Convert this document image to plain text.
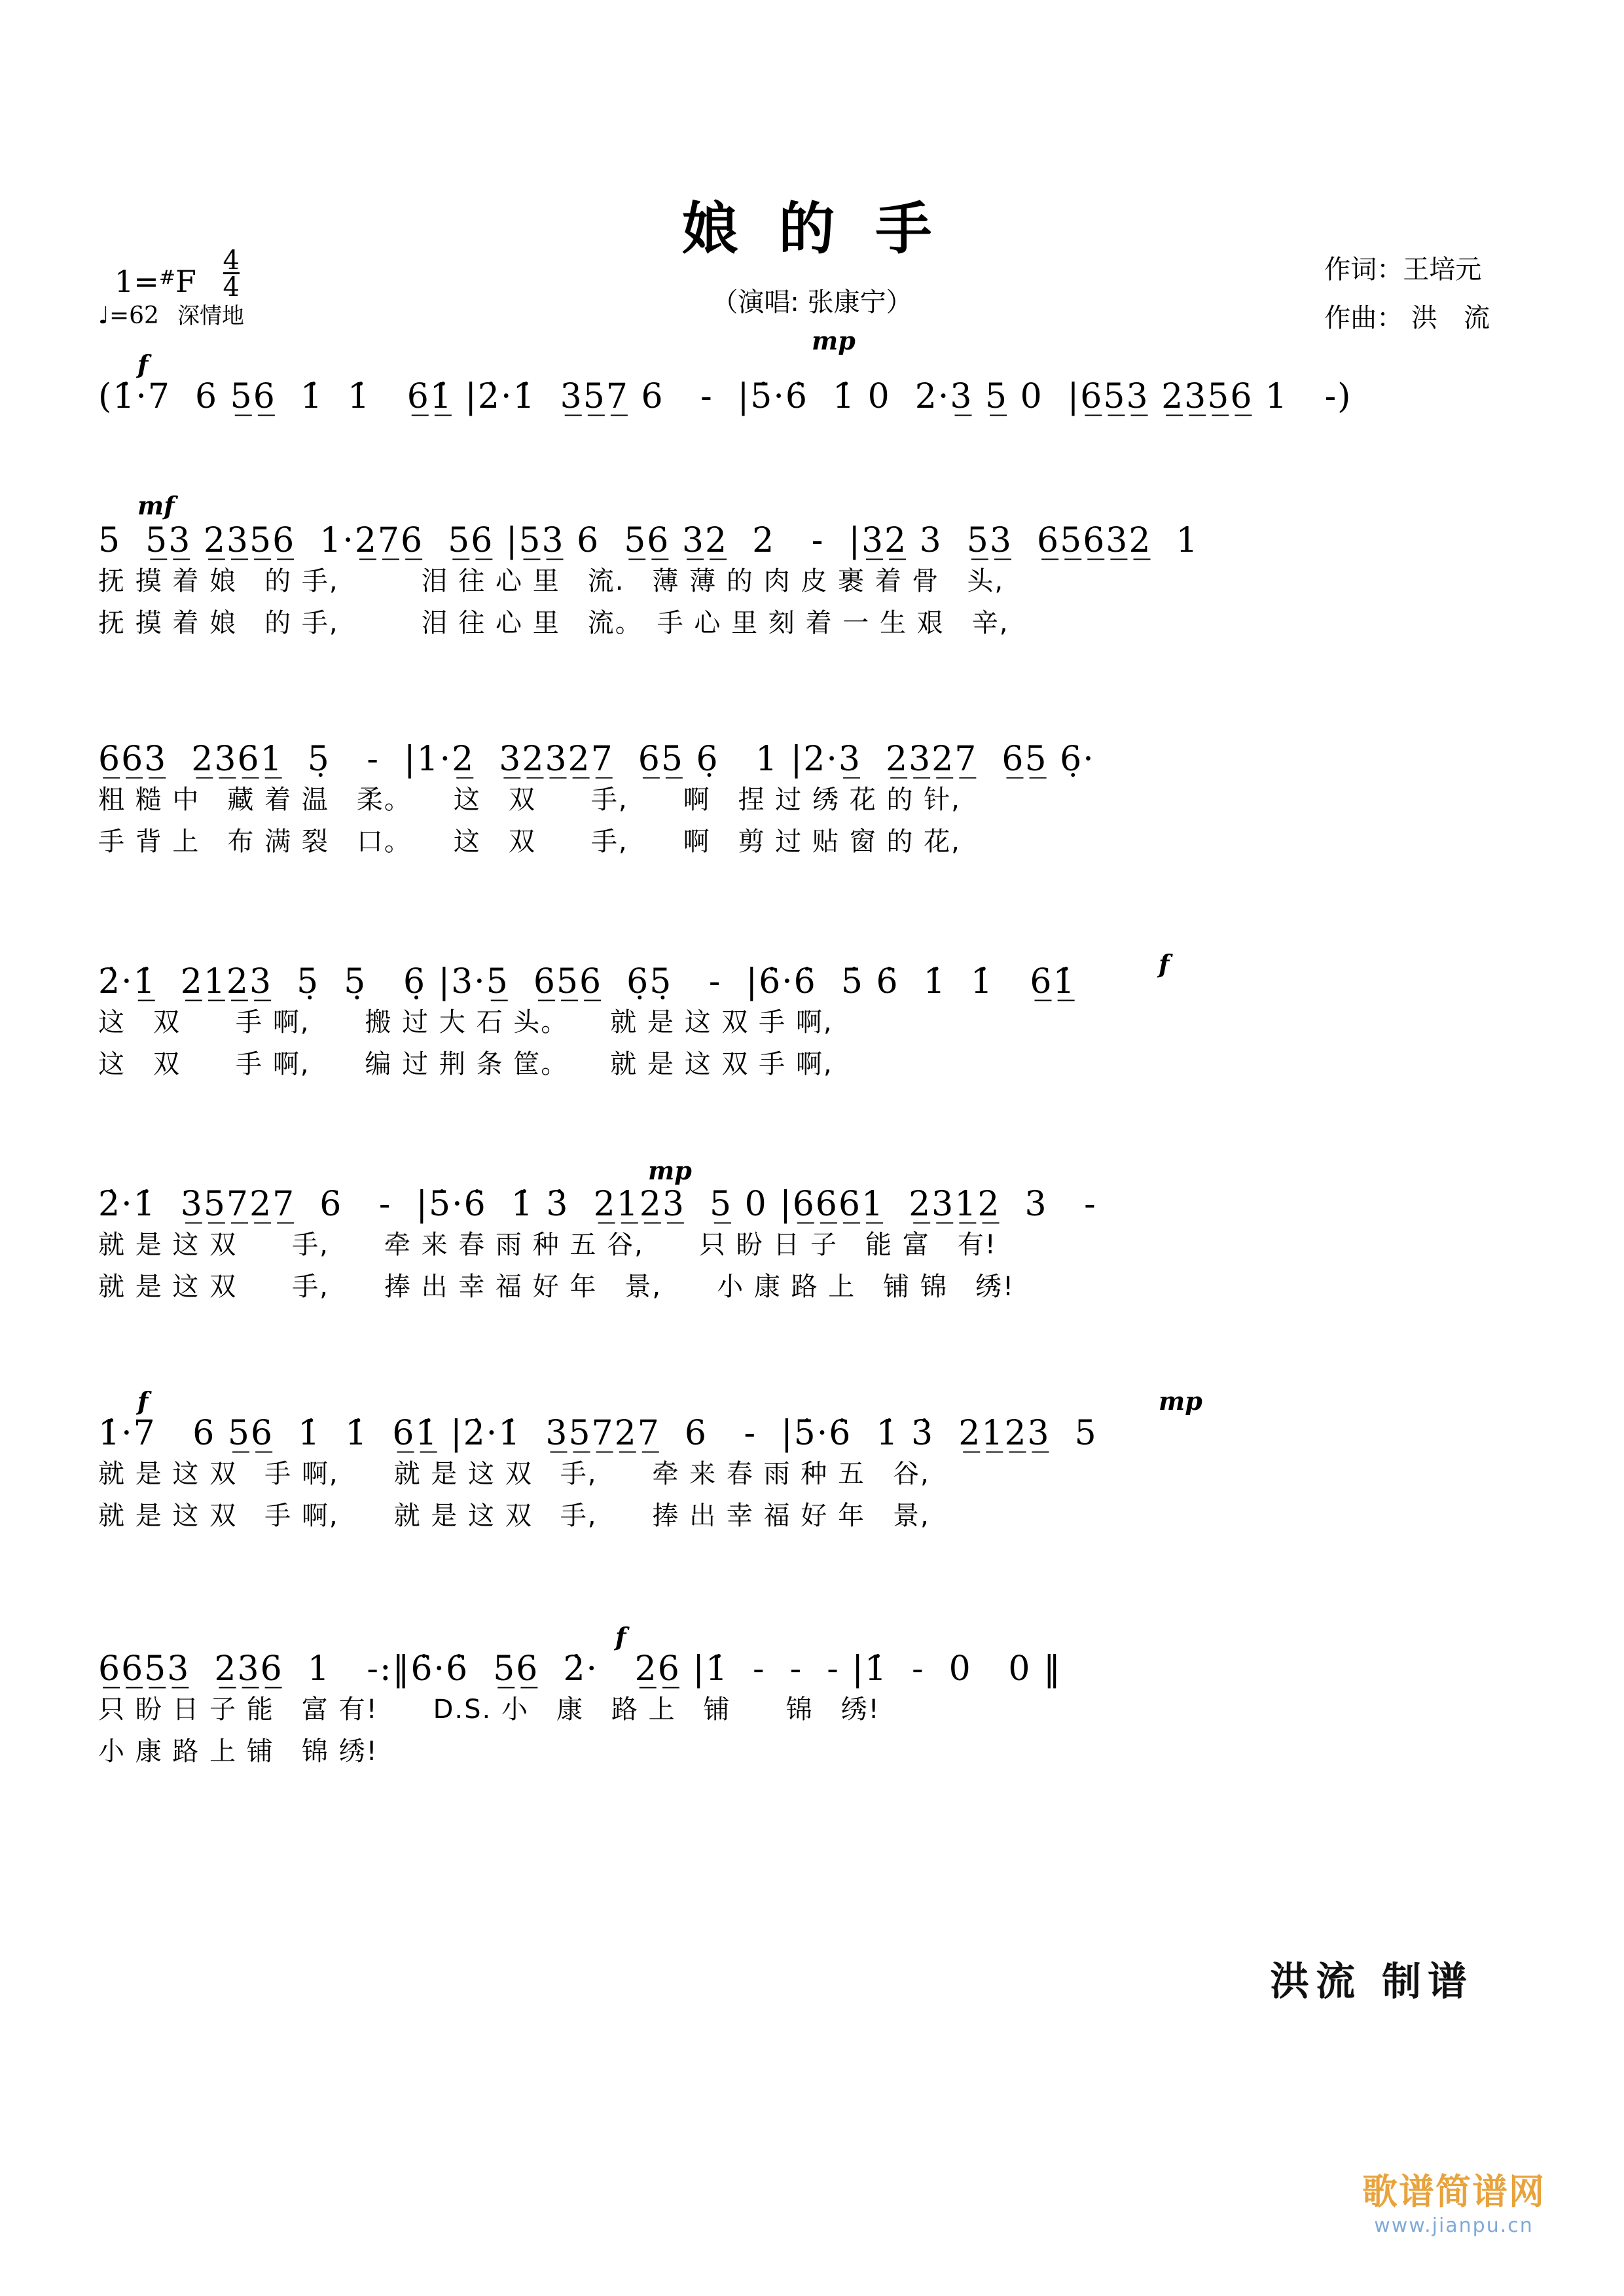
娘 的 手
（演唱: 张康宁）
作词：王培元
作曲： 洪　流
$1=^{\#}F \frac{4}{4}$
♩=62 深情地
f
mp
(1̇·7  6 5̲6̲  1̇  1̇   6̲1̲̇ |2̇·1̇  3̲5̲7̲ 6   -  |5̇·6̇  1̇ 0  2·3̲ 5̲ 0  |6̲5̲3̲ 2̲3̲5̲6̲ 1   -)
mf
5  5̲3̲ 2̲3̲5̲6̲  1·2̲7̲6̲  5̲6̲ |5̲3̲ 6  5̲6̲ 3̲2̲  2   -  |3̲2̲ 3  5̲3̲  6̲5̲6̲3̲2̲  1
抚 摸 着 娘　的 手,　　　泪 往 心 里　流.　薄 薄 的 肉 皮 裹 着 骨　头,
抚 摸 着 娘　的 手,　　　泪 往 心 里　流。　手 心 里 刻 着 一 生 艰　辛,
6̲6̲3̲  2̲3̲6̲1̲  5̣   -  |1·2̲  3̲2̲3̲2̲7̲  6̲5̲ 6̣   1 |2·3̲  2̲3̲2̲7̲  6̲5̲ 6̣·
粗 糙 中　藏 着 温　柔。　　这　双　　手,　　啊　捏 过 绣 花 的 针,
手 背 上　布 满 裂　口。　　这　双　　手,　　啊　剪 过 贴 窗 的 花,
f
2̇·1̲̇  2̲1̲2̲3̲  5̣  5̣   6̣ |3·5̲  6̲5̲6̲  6̣5̣   -  |6̇·6̇  5̇ 6̇  1̇  1̇   6̲1̲̇
这　双　　手 啊,　　搬 过 大 石 头。　　就 是 这 双 手 啊,
这　双　　手 啊,　　编 过 荆 条 筐。　　就 是 这 双 手 啊,
mp
2̇·1̇  3̲5̲7̲2̲7̲  6   -  |5̇·6̇  1̇ 3̇  2̲1̲2̲3̲  5̲ 0 |6̲6̲6̲1̲  2̲3̲1̲2̲  3   -
就 是 这 双　　手,　　牵 来 春 雨 种 五 谷,　　只 盼 日 子　能 富　有!
就 是 这 双　　手,　　捧 出 幸 福 好 年　景,　　小 康 路 上　铺 锦　绣!
f	mp
1̇·7   6 5̲6̲  1̇  1̇  6̲1̲̇ |2̇·1̇  3̲5̲7̲2̲7̲  6   -  |5̇·6̇  1̇ 3̇  2̲1̲2̲3̲  5
就 是 这 双　手 啊,　　就 是 这 双　手,　　牵 来 春 雨 种 五　谷,
就 是 这 双　手 啊,　　就 是 这 双　手,　　捧 出 幸 福 好 年　景,
f
6̲6̲5̲3̲  2̲3̲6̲  1   -:‖6̇·6̇  5̲6̲  2̇·   2̲6̲ |1̇  -  -  - |1̇  -  0   0 ‖
只 盼 日 子 能　富 有!　　D.S. 小　康　路 上　铺　　锦　绣!
小 康 路 上 铺　锦 绣!
洪流 制谱
歌谱简谱网
www.jianpu.cn
